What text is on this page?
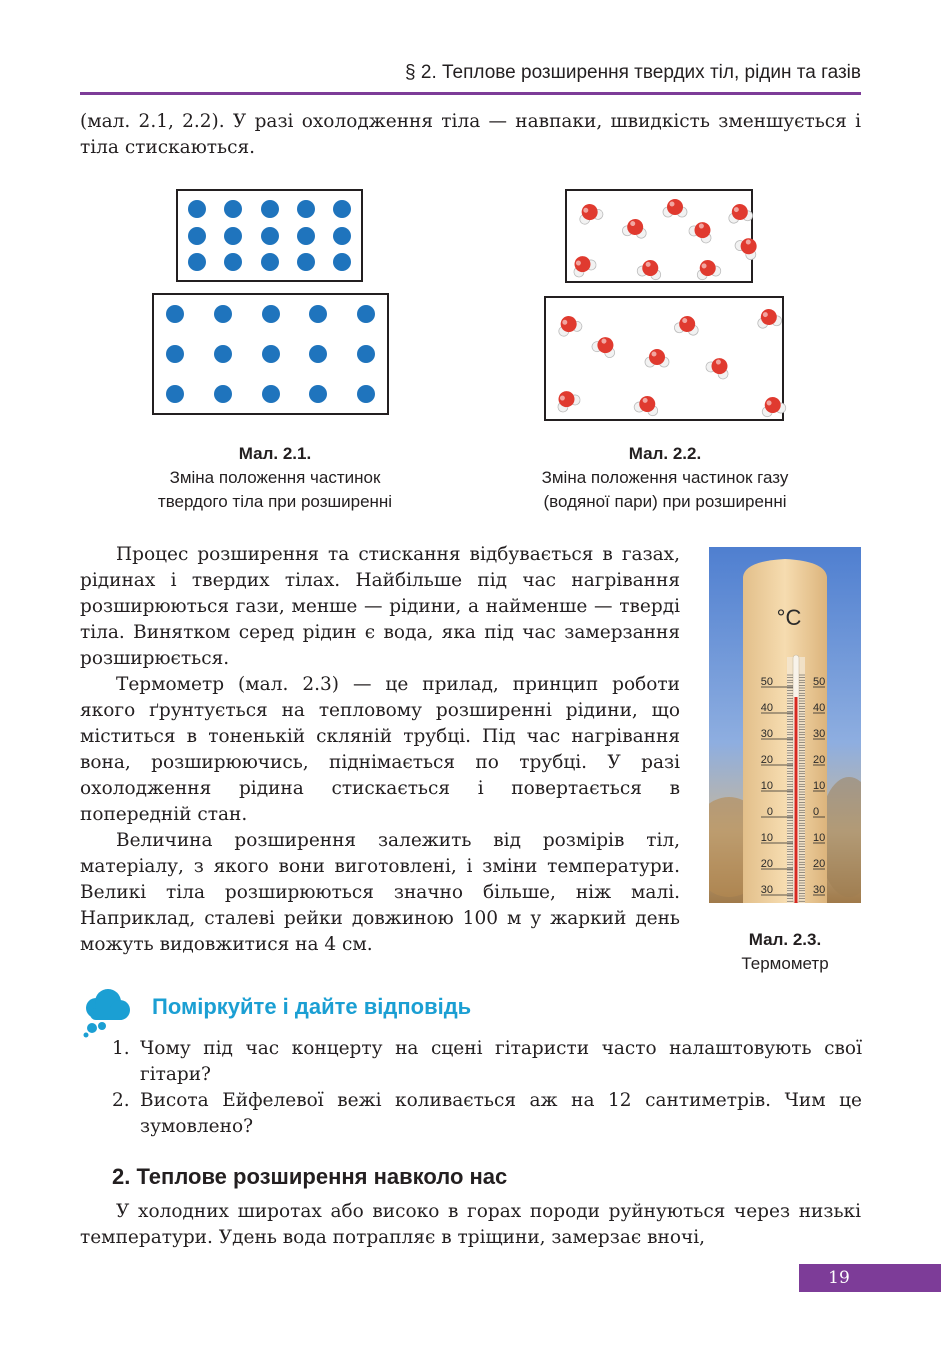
§ 2. Теплове розширення твердих тіл, рідин та газів

(мал. 2.1, 2.2). У разі охолодження тіла — навпаки, швидкість зменшується і тіла стискаються.

Мал. 2.1.
Зміна положення частинок
твердого тіла при розширенні
Мал. 2.2.
Зміна положення частинок газу
(водяної пари) при розширенні

Процес розширення та стискання відбувається в газах, рідинах і твердих тілах. Найбільше під час нагрівання розширюються гази, менше — рідини, а найменше — тверді тіла. Винятком серед рідин є вода, яка під час замерзання розширюється.

Термометр (мал. 2.3) — це прилад, принцип роботи якого ґрунтується на тепловому розширенні рідини, що міститься в тоненькій скляній трубці. Під час нагрівання вона, розширюючись, піднімається по трубці. У разі охолодження рідина стискається і повертається в попередній стан.

Величина розширення залежить від розмірів тіл, матеріалу, з якого вони виготовлені, і зміни температури. Великі тіла розширюються значно більше, ніж малі. Наприклад, сталеві рейки довжиною 100 м у жаркий день можуть видовжитися на 4 см.

50	50
40	40
30	30
20	20
10	10
0	0
10	10
20	20
30	30
°C
Мал. 2.3.
Термометр
Поміркуйте і дайте відповідь
1. Чому під час концерту на сцені гітаристи часто налаштовують свої гітари?
2. Висота Ейфелевої вежі коливається аж на 12 сантиметрів. Чим це зумовлено?
2. Теплове розширення навколо нас

У холодних широтах або високо в горах породи руйнуються через низькі температури. Удень вода потрапляє в тріщини, замерзає вночі,

19
